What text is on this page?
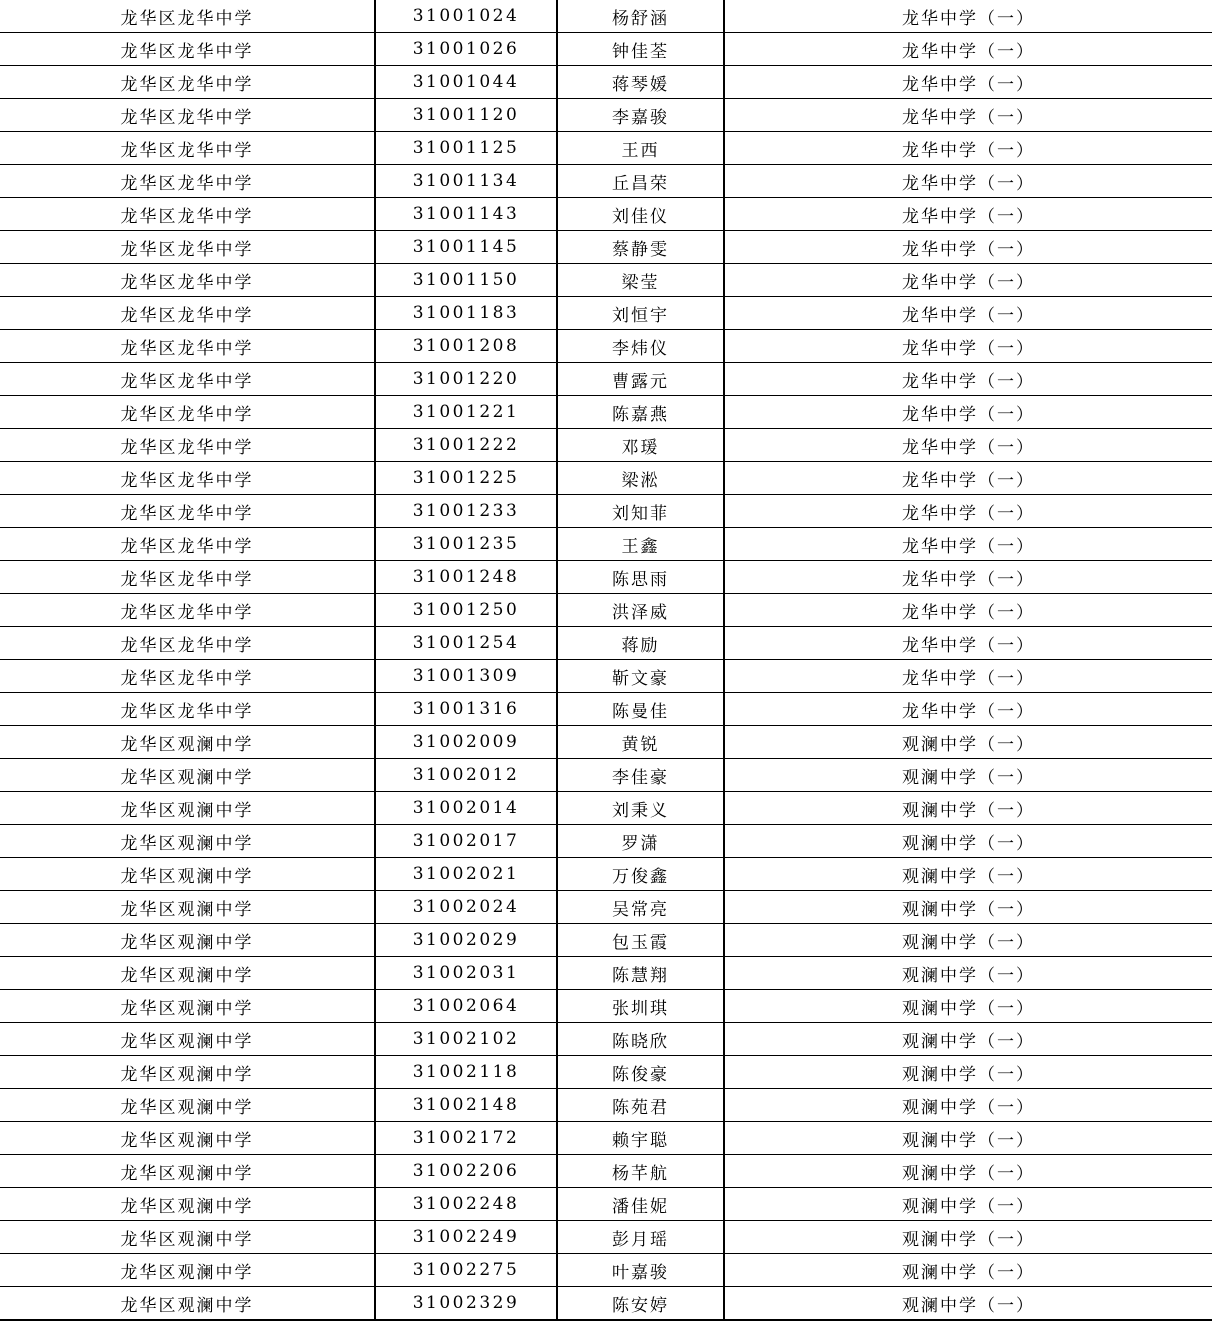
龙华区龙华中学	31001024	杨舒涵	龙华中学（一）
龙华区龙华中学	31001026	钟佳荃	龙华中学（一）
龙华区龙华中学	31001044	蒋琴媛	龙华中学（一）
龙华区龙华中学	31001120	李嘉骏	龙华中学（一）
龙华区龙华中学	31001125	王西	龙华中学（一）
龙华区龙华中学	31001134	丘昌荣	龙华中学（一）
龙华区龙华中学	31001143	刘佳仪	龙华中学（一）
龙华区龙华中学	31001145	蔡静雯	龙华中学（一）
龙华区龙华中学	31001150	梁莹	龙华中学（一）
龙华区龙华中学	31001183	刘恒宇	龙华中学（一）
龙华区龙华中学	31001208	李炜仪	龙华中学（一）
龙华区龙华中学	31001220	曹露元	龙华中学（一）
龙华区龙华中学	31001221	陈嘉燕	龙华中学（一）
龙华区龙华中学	31001222	邓瑗	龙华中学（一）
龙华区龙华中学	31001225	梁淞	龙华中学（一）
龙华区龙华中学	31001233	刘知菲	龙华中学（一）
龙华区龙华中学	31001235	王鑫	龙华中学（一）
龙华区龙华中学	31001248	陈思雨	龙华中学（一）
龙华区龙华中学	31001250	洪泽威	龙华中学（一）
龙华区龙华中学	31001254	蒋励	龙华中学（一）
龙华区龙华中学	31001309	靳文豪	龙华中学（一）
龙华区龙华中学	31001316	陈曼佳	龙华中学（一）
龙华区观澜中学	31002009	黄锐	观澜中学（一）
龙华区观澜中学	31002012	李佳豪	观澜中学（一）
龙华区观澜中学	31002014	刘秉义	观澜中学（一）
龙华区观澜中学	31002017	罗潇	观澜中学（一）
龙华区观澜中学	31002021	万俊鑫	观澜中学（一）
龙华区观澜中学	31002024	吴常亮	观澜中学（一）
龙华区观澜中学	31002029	包玉霞	观澜中学（一）
龙华区观澜中学	31002031	陈慧翔	观澜中学（一）
龙华区观澜中学	31002064	张圳琪	观澜中学（一）
龙华区观澜中学	31002102	陈晓欣	观澜中学（一）
龙华区观澜中学	31002118	陈俊豪	观澜中学（一）
龙华区观澜中学	31002148	陈苑君	观澜中学（一）
龙华区观澜中学	31002172	赖宇聪	观澜中学（一）
龙华区观澜中学	31002206	杨芊航	观澜中学（一）
龙华区观澜中学	31002248	潘佳妮	观澜中学（一）
龙华区观澜中学	31002249	彭月瑶	观澜中学（一）
龙华区观澜中学	31002275	叶嘉骏	观澜中学（一）
龙华区观澜中学	31002329	陈安婷	观澜中学（一）
